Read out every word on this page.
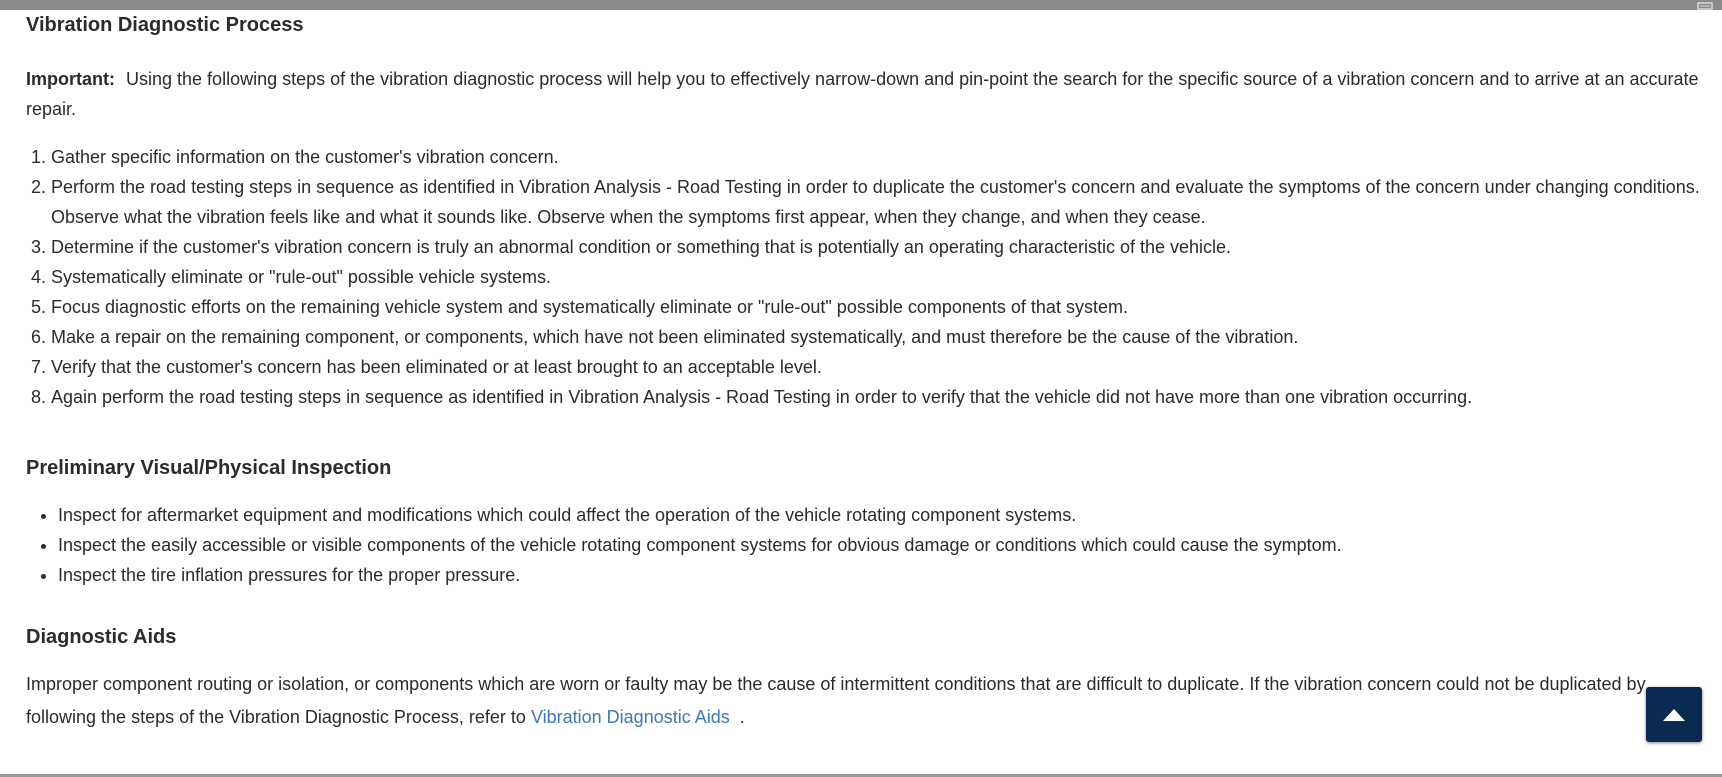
Vibration Diagnostic Process

Important: Using the following steps of the vibration diagnostic process will help you to effectively narrow-down and pin-point the search for the specific source of a vibration concern and to arrive at an accurate repair.

1. Gather specific information on the customer's vibration concern.
2. Perform the road testing steps in sequence as identified in Vibration Analysis - Road Testing in order to duplicate the customer's concern and evaluate the symptoms of the concern under changing conditions. Observe what the vibration feels like and what it sounds like. Observe when the symptoms first appear, when they change, and when they cease.
3. Determine if the customer's vibration concern is truly an abnormal condition or something that is potentially an operating characteristic of the vehicle.
4. Systematically eliminate or "rule-out" possible vehicle systems.
5. Focus diagnostic efforts on the remaining vehicle system and systematically eliminate or "rule-out" possible components of that system.
6. Make a repair on the remaining component, or components, which have not been eliminated systematically, and must therefore be the cause of the vibration.
7. Verify that the customer's concern has been eliminated or at least brought to an acceptable level.
8. Again perform the road testing steps in sequence as identified in Vibration Analysis - Road Testing in order to verify that the vehicle did not have more than one vibration occurring.
Preliminary Visual/Physical Inspection
• Inspect for aftermarket equipment and modifications which could affect the operation of the vehicle rotating component systems.
• Inspect the easily accessible or visible components of the vehicle rotating component systems for obvious damage or conditions which could cause the symptom.
• Inspect the tire inflation pressures for the proper pressure.
Diagnostic Aids

Improper component routing or isolation, or components which are worn or faulty may be the cause of intermittent conditions that are difficult to duplicate. If the vibration concern could not be duplicated by following the steps of the Vibration Diagnostic Process, refer to Vibration Diagnostic Aids .
